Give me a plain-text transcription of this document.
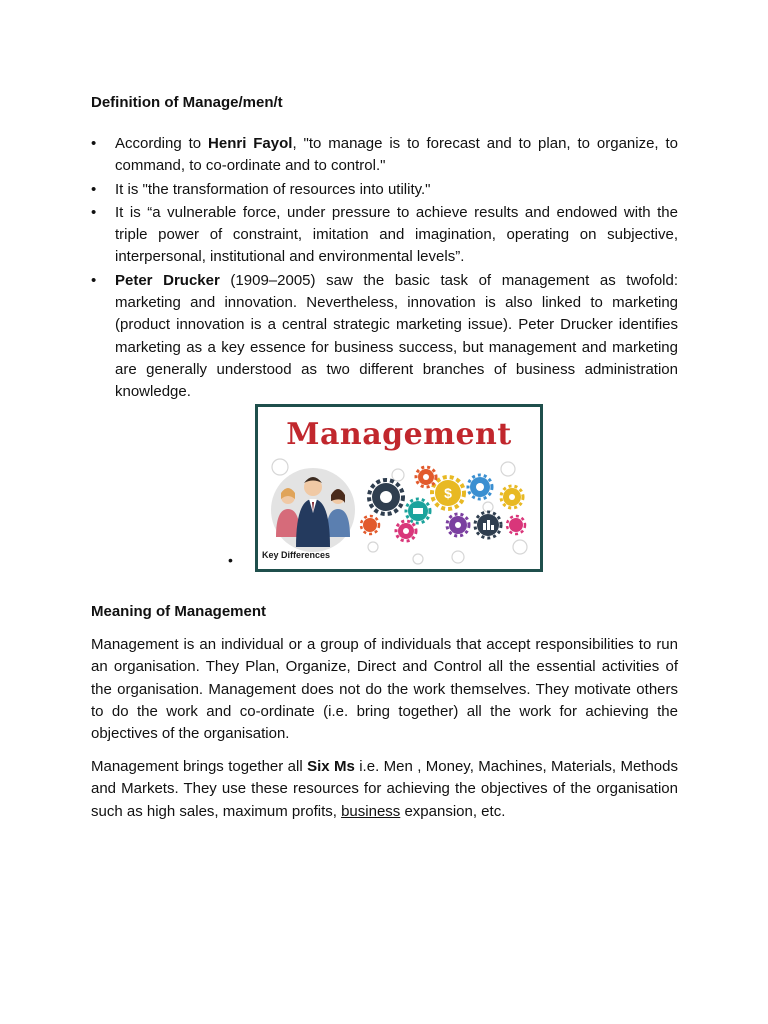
Definition of Manage/men/t
•	According to Henri Fayol, "to manage is to forecast and to plan, to organize, to command, to co-ordinate and to control."
•	It is "the transformation of resources into utility."
•	It is “a vulnerable force, under pressure to achieve results and endowed with the triple power of constraint, imitation and imagination, operating on subjective, interpersonal, institutional and environmental levels”.
•	Peter Drucker (1909–2005) saw the basic task of management as twofold: marketing and innovation. Nevertheless, innovation is also linked to marketing (product innovation is a central strategic marketing issue). Peter Drucker identifies marketing as a key essence for business success, but management and marketing are generally understood as two different branches of business administration knowledge.
•
Management
$
Key Differences
Meaning of Management

Management is an individual or a group of individuals that accept responsibilities to run an organisation. They Plan, Organize, Direct and Control all the essential activities of the organisation. Management does not do the work themselves. They motivate others to do the work and co-ordinate (i.e. bring together) all the work for achieving the objectives of the organisation.

Management brings together all Six Ms i.e. Men , Money, Machines, Materials, Methods and Markets. They use these resources for achieving the objectives of the organisation such as high sales, maximum profits, business expansion, etc.
